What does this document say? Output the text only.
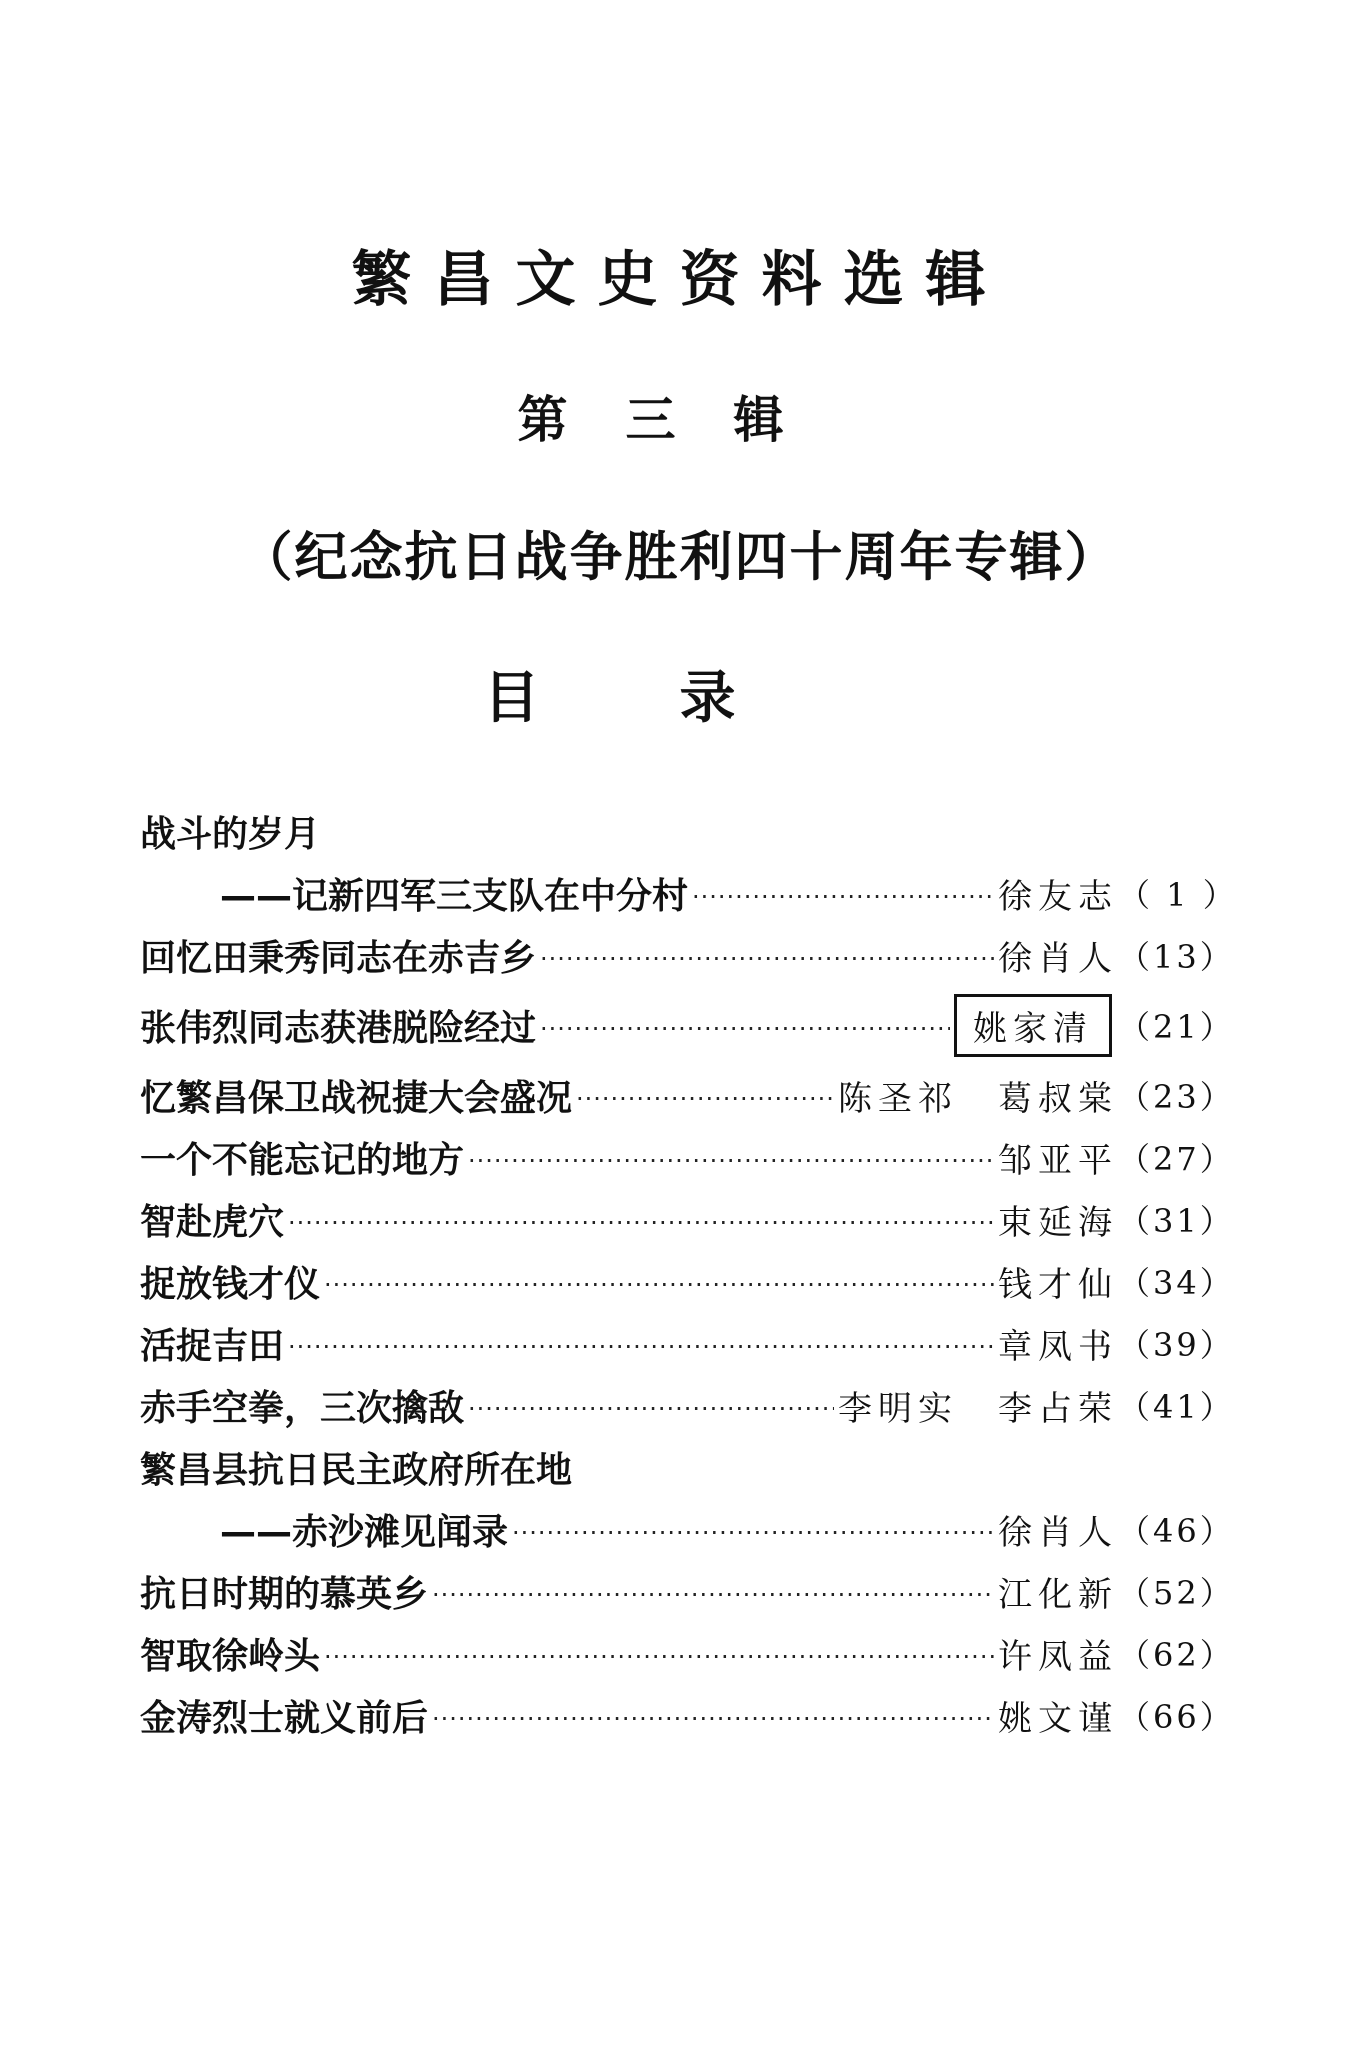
繁昌文史资料选辑
第三辑
（纪念抗日战争胜利四十周年专辑）
目录
战斗的岁月
——记新四军三支队在中分村 ·····	徐友志 （ 1 ）
回忆田秉秀同志在赤吉乡 ·····	徐肖人 （13）
张伟烈同志获港脱险经过 ·····	姚家清 （21）
忆繁昌保卫战祝捷大会盛况 ·····	陈圣祁 葛叔棠 （23）
一个不能忘记的地方 ·····	邹亚平 （27）
智赴虎穴 ·····	束延海 （31）
捉放钱才仪 ·····	钱才仙 （34）
活捉吉田 ·····	章凤书 （39）
赤手空拳，三次擒敌 ·····	李明实 李占荣 （41）
繁昌县抗日民主政府所在地
——赤沙滩见闻录 ·····	徐肖人 （46）
抗日时期的慕英乡 ·····	江化新 （52）
智取徐岭头 ·····	许凤益 （62）
金涛烈士就义前后 ·····	姚文谨 （66）
